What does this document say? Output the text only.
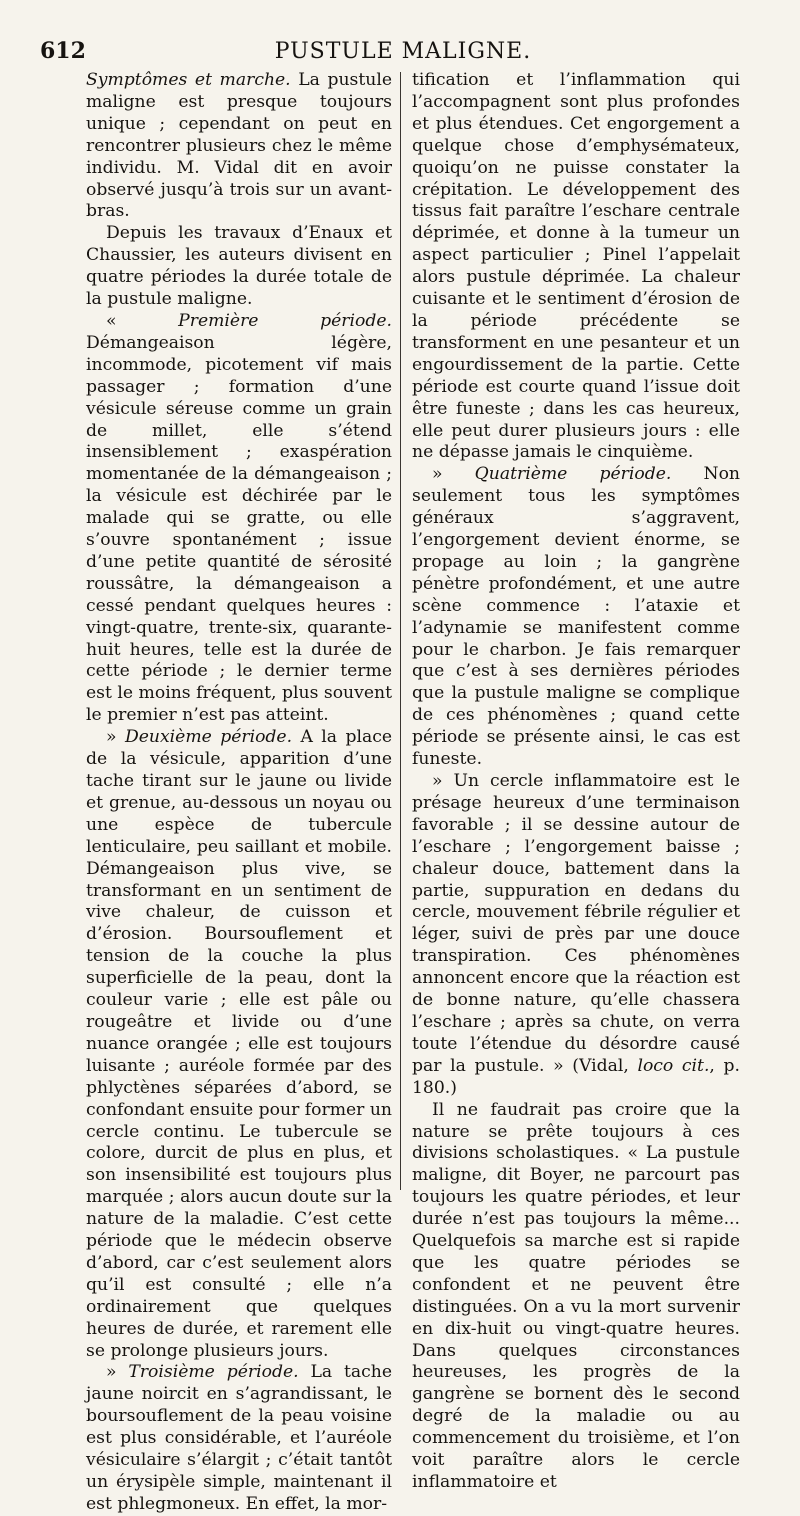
612	PUSTULE MALIGNE.

Symptômes et marche. La pustule maligne est presque toujours unique ; cependant on peut en rencontrer plusieurs chez le même individu. M. Vidal dit en avoir observé jusqu’à trois sur un avant-bras.

Depuis les travaux d’Enaux et Chaussier, les auteurs divisent en quatre périodes la durée totale de la pustule maligne.

« Première période. Démangeaison légère, incommode, picotement vif mais passager ; formation d’une vésicule séreuse comme un grain de millet, elle s’étend insensiblement ; exaspération momentanée de la démangeaison ; la vésicule est déchirée par le malade qui se gratte, ou elle s’ouvre spontanément ; issue d’une petite quantité de sérosité roussâtre, la démangeaison a cessé pendant quelques heures : vingt-quatre, trente-six, quarante-huit heures, telle est la durée de cette période ; le dernier terme est le moins fréquent, plus souvent le premier n’est pas atteint.

» Deuxième période. A la place de la vésicule, apparition d’une tache tirant sur le jaune ou livide et grenue, au-dessous un noyau ou une espèce de tubercule lenticulaire, peu saillant et mobile. Démangeaison plus vive, se transformant en un sentiment de vive chaleur, de cuisson et d’érosion. Boursouflement et tension de la couche la plus superficielle de la peau, dont la couleur varie ; elle est pâle ou rougeâtre et livide ou d’une nuance orangée ; elle est toujours luisante ; auréole formée par des phlyctènes séparées d’abord, se confondant ensuite pour former un cercle continu. Le tubercule se colore, durcit de plus en plus, et son insensibilité est toujours plus marquée ; alors aucun doute sur la nature de la maladie. C’est cette période que le médecin observe d’abord, car c’est seulement alors qu’il est consulté ; elle n’a ordinairement que quelques heures de durée, et rarement elle se prolonge plusieurs jours.

» Troisième période. La tache jaune noircit en s’agrandissant, le boursouflement de la peau voisine est plus considérable, et l’auréole vésiculaire s’élargit ; c’était tantôt un érysipèle simple, maintenant il est phlegmoneux. En effet, la mor-

tification et l’inflammation qui l’accompagnent sont plus profondes et plus étendues. Cet engorgement a quelque chose d’emphysémateux, quoiqu’on ne puisse constater la crépitation. Le développement des tissus fait paraître l’eschare centrale déprimée, et donne à la tumeur un aspect particulier ; Pinel l’appelait alors pustule déprimée. La chaleur cuisante et le sentiment d’érosion de la période précédente se transforment en une pesanteur et un engourdissement de la partie. Cette période est courte quand l’issue doit être funeste ; dans les cas heureux, elle peut durer plusieurs jours : elle ne dépasse jamais le cinquième.

» Quatrième période. Non seulement tous les symptômes généraux s’aggravent, l’engorgement devient énorme, se propage au loin ; la gangrène pénètre profondément, et une autre scène commence : l’ataxie et l’adynamie se manifestent comme pour le charbon. Je fais remarquer que c’est à ses dernières périodes que la pustule maligne se complique de ces phénomènes ; quand cette période se présente ainsi, le cas est funeste.

» Un cercle inflammatoire est le présage heureux d’une terminaison favorable ; il se dessine autour de l’eschare ; l’engorgement baisse ; chaleur douce, battement dans la partie, suppuration en dedans du cercle, mouvement fébrile régulier et léger, suivi de près par une douce transpiration. Ces phénomènes annoncent encore que la réaction est de bonne nature, qu’elle chassera l’eschare ; après sa chute, on verra toute l’étendue du désordre causé par la pustule. » (Vidal, loco cit., p. 180.)

Il ne faudrait pas croire que la nature se prête toujours à ces divisions scholastiques. « La pustule maligne, dit Boyer, ne parcourt pas toujours les quatre périodes, et leur durée n’est pas toujours la même... Quelquefois sa marche est si rapide que les quatre périodes se confondent et ne peuvent être distinguées. On a vu la mort survenir en dix-huit ou vingt-quatre heures. Dans quelques circonstances heureuses, les progrès de la gangrène se bornent dès le second degré de la maladie ou au commencement du troisième, et l’on voit paraître alors le cercle inflammatoire et
